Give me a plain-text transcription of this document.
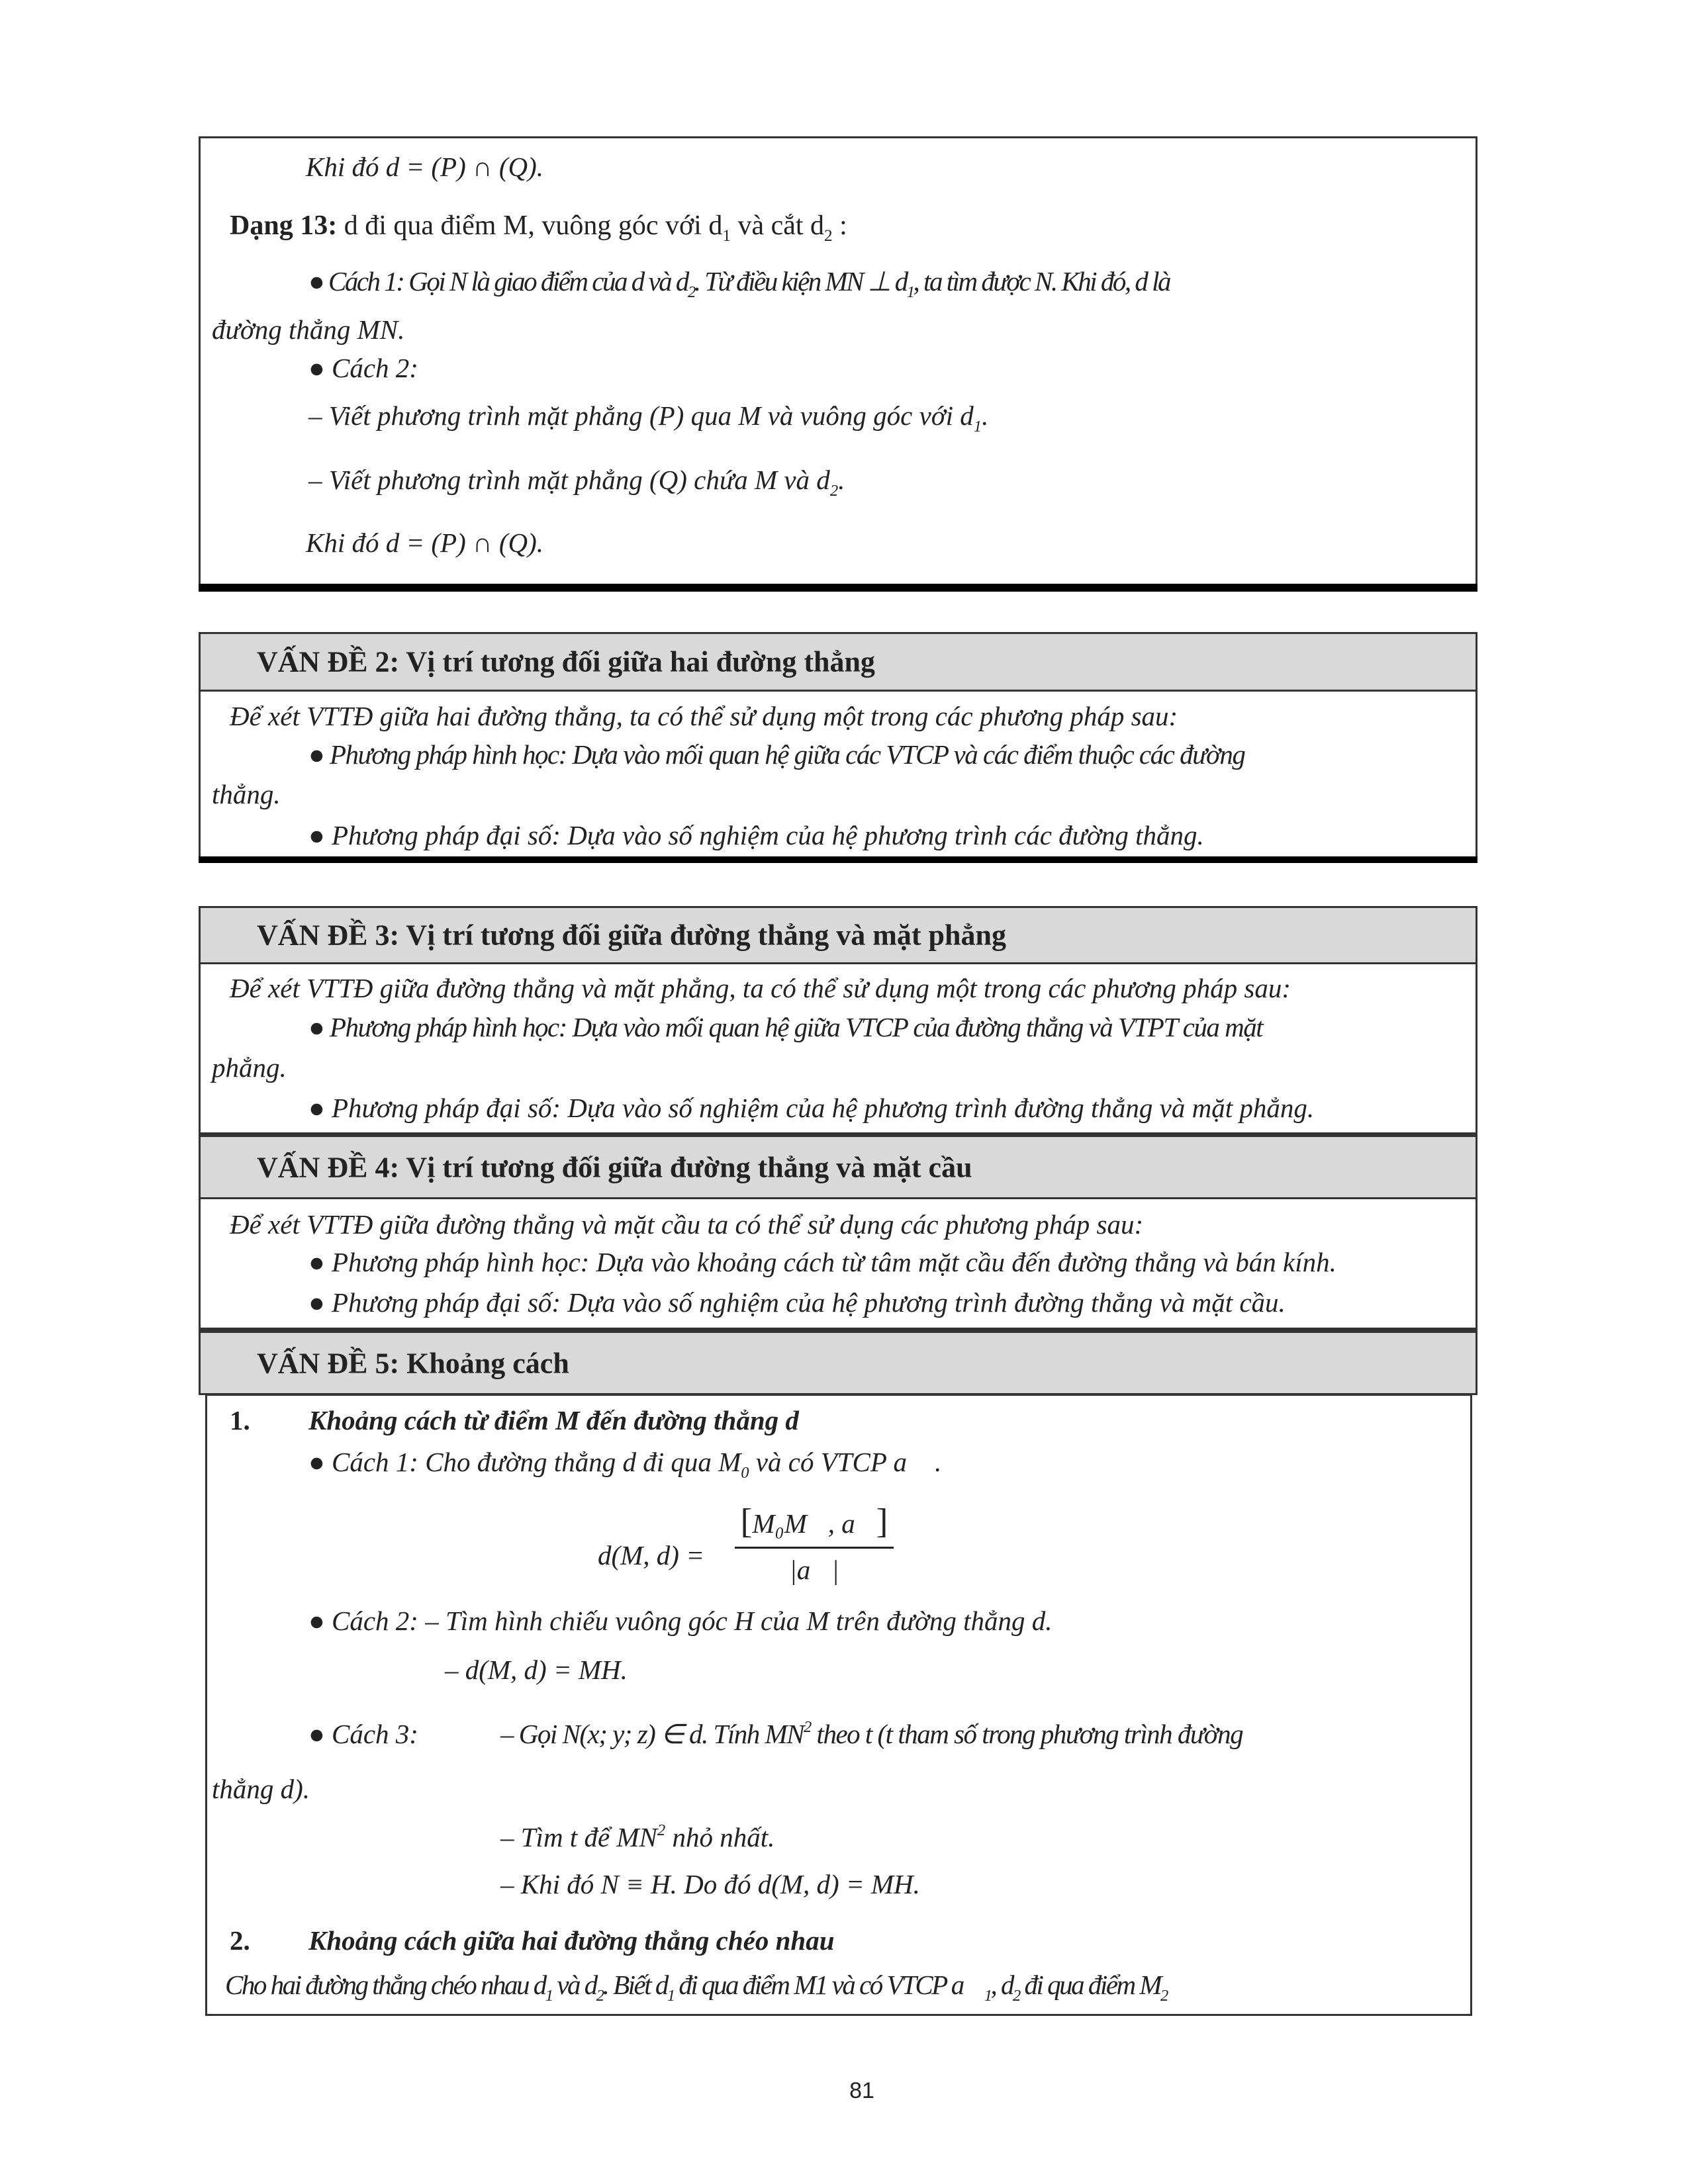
Khi đó d = (P) ∩ (Q).
Dạng 13: d đi qua điểm M, vuông góc với $d_1$ và cắt $d_2$ :
● Cách 1: Gọi N là giao điểm của d và $d_2$. Từ điều kiện MN ⊥ $d_1$, ta tìm được N. Khi đó, d là
đường thẳng MN.
● Cách 2:
– Viết phương trình mặt phẳng (P) qua M và vuông góc với $d_1$.
– Viết phương trình mặt phẳng (Q) chứa M và $d_2$.
Khi đó d = (P) ∩ (Q).
VẤN ĐỀ 2: Vị trí tương đối giữa hai đường thẳng
Để xét VTTĐ giữa hai đường thẳng, ta có thể sử dụng một trong các phương pháp sau:
● Phương pháp hình học: Dựa vào mối quan hệ giữa các VTCP và các điểm thuộc các đường
thẳng.
● Phương pháp đại số: Dựa vào số nghiệm của hệ phương trình các đường thẳng.
VẤN ĐỀ 3: Vị trí tương đối giữa đường thẳng và mặt phẳng
Để xét VTTĐ giữa đường thẳng và mặt phẳng, ta có thể sử dụng một trong các phương pháp sau:
● Phương pháp hình học: Dựa vào mối quan hệ giữa VTCP của đường thẳng và VTPT của mặt
phẳng.
● Phương pháp đại số: Dựa vào số nghiệm của hệ phương trình đường thẳng và mặt phẳng.
VẤN ĐỀ 4: Vị trí tương đối giữa đường thẳng và mặt cầu
Để xét VTTĐ giữa đường thẳng và mặt cầu ta có thể sử dụng các phương pháp sau:
● Phương pháp hình học: Dựa vào khoảng cách từ tâm mặt cầu đến đường thẳng và bán kính.
● Phương pháp đại số: Dựa vào số nghiệm của hệ phương trình đường thẳng và mặt cầu.
VẤN ĐỀ 5: Khoảng cách
1. Khoảng cách từ điểm M đến đường thẳng d
● Cách 1: Cho đường thẳng d đi qua $M_0$ và có VTCP a⃗ .
d(M, $d) = \frac{\text{[M₀M⃗, a⃗]}}{|a⃗|}$
● Cách 2: – Tìm hình chiếu vuông góc H của M trên đường thẳng d.
– d(M, d) = MH.
● Cách 3:	– Gọi N(x; y; z) ∈ d. Tính $MN^2$ theo t (t tham số trong phương trình đường
thẳng d).
– Tìm t để $MN^2$ nhỏ nhất.
– Khi đó N ≡ H. Do đó d(M, d) = MH.
2. Khoảng cách giữa hai đường thẳng chéo nhau
Cho hai đường thẳng chéo nhau $d_1$ và $d_2$. Biết $d_1$ đi qua điểm M1 và có VTCP $a⃗_1$, $d_2$ đi qua điểm $M_2$
81
